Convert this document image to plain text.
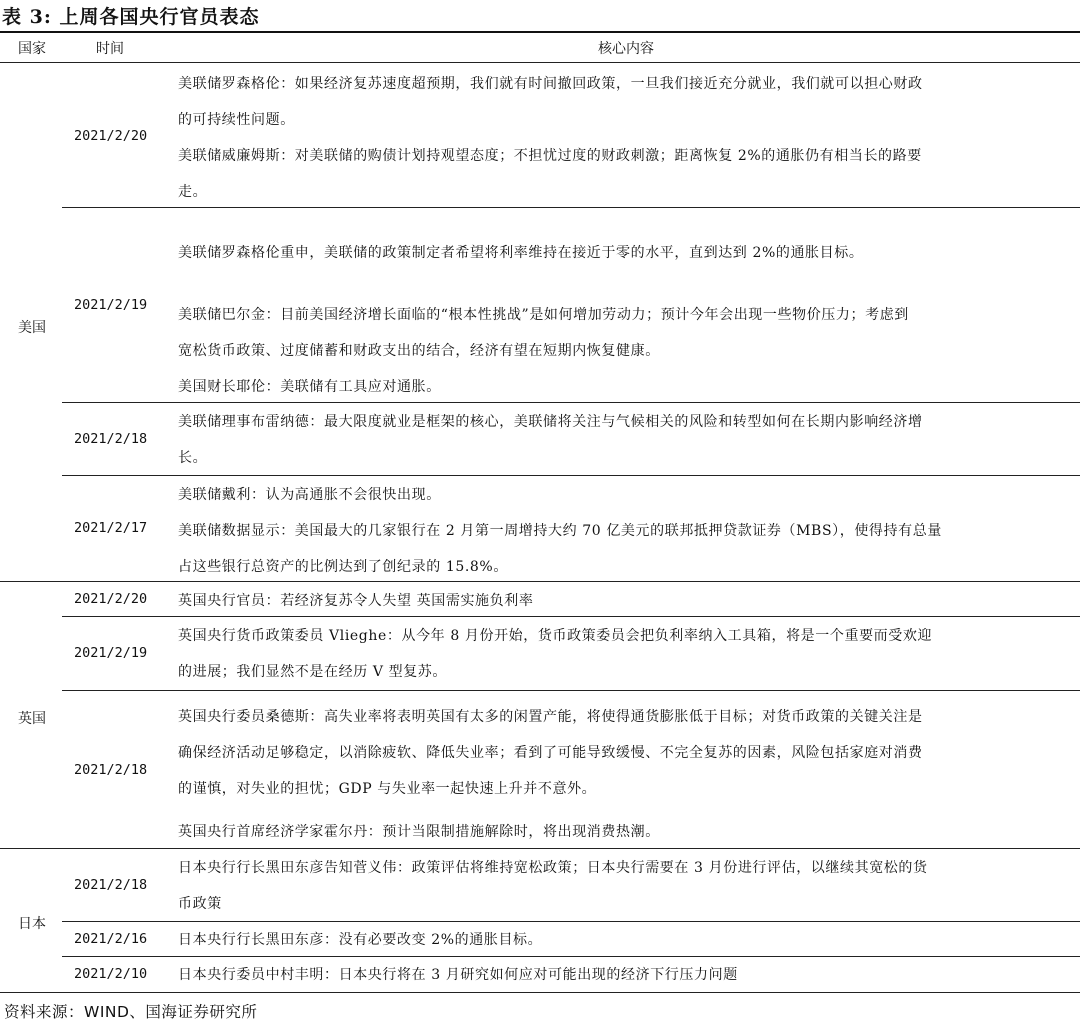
表 3: 上周各国央行官员表态
国家	时间	核心内容
美国
英国
日本
2021/2/20
2021/2/19
2021/2/18
2021/2/17
2021/2/20
2021/2/19
2021/2/18
2021/2/18
2021/2/16
2021/2/10
美联储罗森格伦：如果经济复苏速度超预期，我们就有时间撤回政策，一旦我们接近充分就业，我们就可以担心财政
的可持续性问题。
美联储威廉姆斯：对美联储的购债计划持观望态度；不担忧过度的财政刺激；距离恢复 2%的通胀仍有相当长的路要
走。
美联储罗森格伦重申，美联储的政策制定者希望将利率维持在接近于零的水平，直到达到 2%的通胀目标。
美联储巴尔金：目前美国经济增长面临的“根本性挑战”是如何增加劳动力；预计今年会出现一些物价压力；考虑到
宽松货币政策、过度储蓄和财政支出的结合，经济有望在短期内恢复健康。
美国财长耶伦：美联储有工具应对通胀。
美联储理事布雷纳德：最大限度就业是框架的核心，美联储将关注与气候相关的风险和转型如何在长期内影响经济增
长。
美联储戴利：认为高通胀不会很快出现。
美联储数据显示：美国最大的几家银行在 2 月第一周增持大约 70 亿美元的联邦抵押贷款证券（MBS），使得持有总量
占这些银行总资产的比例达到了创纪录的 15.8%。
英国央行官员：若经济复苏令人失望 英国需实施负利率
英国央行货币政策委员 Vlieghe：从今年 8 月份开始，货币政策委员会把负利率纳入工具箱，将是一个重要而受欢迎
的进展；我们显然不是在经历 V 型复苏。
英国央行委员桑德斯：高失业率将表明英国有太多的闲置产能，将使得通货膨胀低于目标；对货币政策的关键关注是
确保经济活动足够稳定，以消除疲软、降低失业率；看到了可能导致缓慢、不完全复苏的因素，风险包括家庭对消费
的谨慎，对失业的担忧；GDP 与失业率一起快速上升并不意外。
英国央行首席经济学家霍尔丹：预计当限制措施解除时，将出现消费热潮。
日本央行行长黑田东彦告知菅义伟：政策评估将维持宽松政策；日本央行需要在 3 月份进行评估，以继续其宽松的货
币政策
日本央行行长黑田东彦：没有必要改变 2%的通胀目标。
日本央行委员中村丰明：日本央行将在 3 月研究如何应对可能出现的经济下行压力问题
资料来源：WIND、国海证券研究所
